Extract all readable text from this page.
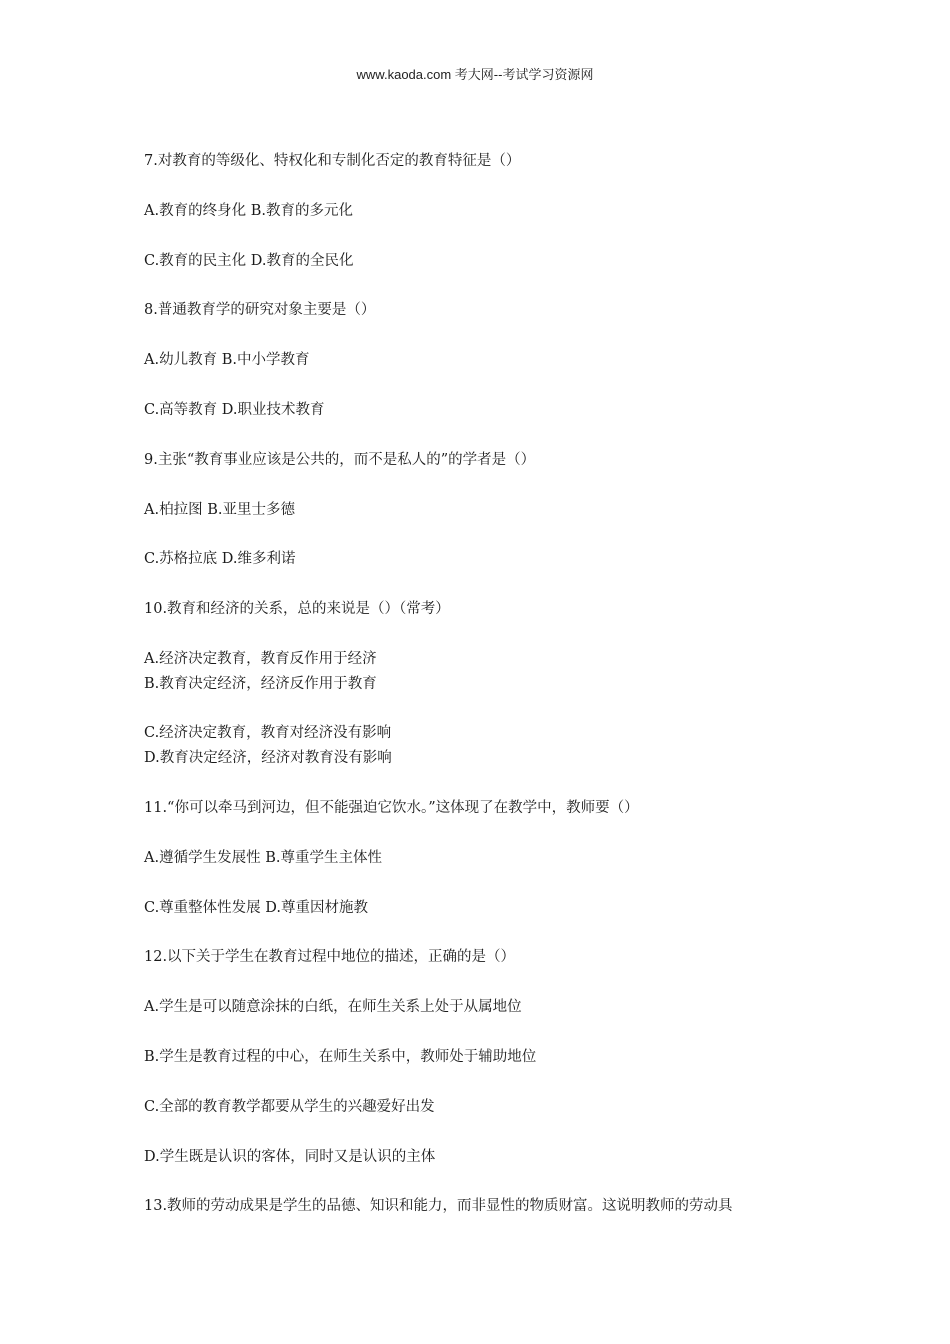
www.kaoda.com 考大网--考试学习资源网
7.对教育的等级化、特权化和专制化否定的教育特征是（）
A.教育的终身化 B.教育的多元化
C.教育的民主化 D.教育的全民化
8.普通教育学的研究对象主要是（）
A.幼儿教育 B.中小学教育
C.高等教育 D.职业技术教育
9.主张“教育事业应该是公共的，而不是私人的”的学者是（）
A.柏拉图 B.亚里士多德
C.苏格拉底 D.维多利诺
10.教育和经济的关系，总的来说是（）（常考）
A.经济决定教育，教育反作用于经济
B.教育决定经济，经济反作用于教育
C.经济决定教育，教育对经济没有影响
D.教育决定经济，经济对教育没有影响
11.“你可以牵马到河边，但不能强迫它饮水。”这体现了在教学中，教师要（）
A.遵循学生发展性 B.尊重学生主体性
C.尊重整体性发展 D.尊重因材施教
12.以下关于学生在教育过程中地位的描述，正确的是（）
A.学生是可以随意涂抹的白纸，在师生关系上处于从属地位
B.学生是教育过程的中心，在师生关系中，教师处于辅助地位
C.全部的教育教学都要从学生的兴趣爱好出发
D.学生既是认识的客体，同时又是认识的主体
13.教师的劳动成果是学生的品德、知识和能力，而非显性的物质财富。这说明教师的劳动具
